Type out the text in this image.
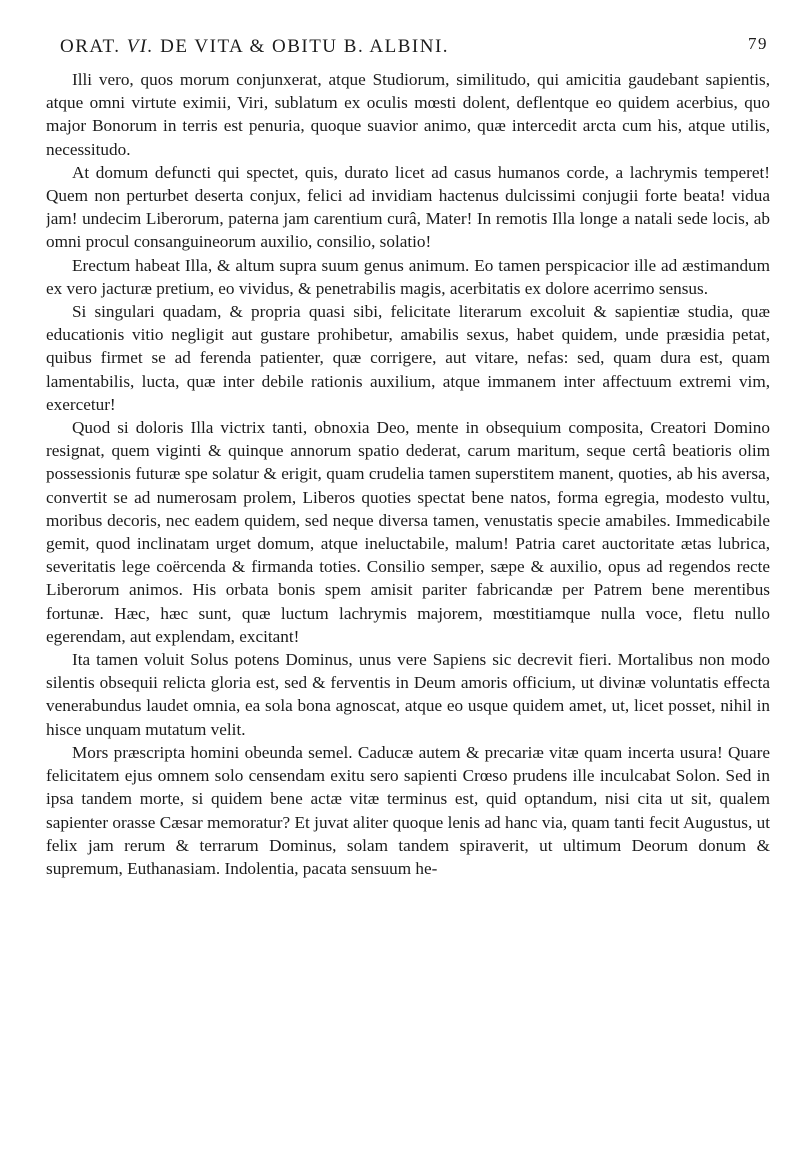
ORAT. VI. DE VITA & OBITU B. ALBINI.	79

Illi vero, quos morum conjunxerat, atque Studiorum, similitudo, qui amicitia gaudebant sapientis, atque omni virtute eximii, Viri, sublatum ex oculis mœsti dolent, deflentque eo quidem acerbius, quo major Bonorum in terris est penuria, quoque suavior animo, quæ intercedit arcta cum his, atque utilis, necessitudo.

At domum defuncti qui spectet, quis, durato licet ad casus humanos corde, a lachrymis temperet! Quem non perturbet deserta conjux, felici ad invidiam hactenus dulcissimi conjugii forte beata! vidua jam! undecim Liberorum, paterna jam carentium curâ, Mater! In remotis Illa longe a natali sede locis, ab omni procul consanguineorum auxilio, consilio, solatio!

Erectum habeat Illa, & altum supra suum genus animum. Eo tamen perspicacior ille ad æstimandum ex vero jacturæ pretium, eo vividus, & penetrabilis magis, acerbitatis ex dolore acerrimo sensus.

Si singulari quadam, & propria quasi sibi, felicitate literarum excoluit & sapientiæ studia, quæ educationis vitio negligit aut gustare prohibetur, amabilis sexus, habet quidem, unde præsidia petat, quibus firmet se ad ferenda patienter, quæ corrigere, aut vitare, nefas: sed, quam dura est, quam lamentabilis, lucta, quæ inter debile rationis auxilium, atque immanem inter affectuum extremi vim, exercetur!

Quod si doloris Illa victrix tanti, obnoxia Deo, mente in obsequium composita, Creatori Domino resignat, quem viginti & quinque annorum spatio dederat, carum maritum, seque certâ beatioris olim possessionis futuræ spe solatur & erigit, quam crudelia tamen superstitem manent, quoties, ab his aversa, convertit se ad numerosam prolem, Liberos quoties spectat bene natos, forma egregia, modesto vultu, moribus decoris, nec eadem quidem, sed neque diversa tamen, venustatis specie amabiles. Immedicabile gemit, quod inclinatam urget domum, atque ineluctabile, malum! Patria caret auctoritate ætas lubrica, severitatis lege coërcenda & firmanda toties. Consilio semper, sæpe & auxilio, opus ad regendos recte Liberorum animos. His orbata bonis spem amisit pariter fabricandæ per Patrem bene merentibus fortunæ. Hæc, hæc sunt, quæ luctum lachrymis majorem, mœstitiamque nulla voce, fletu nullo egerendam, aut explendam, excitant!

Ita tamen voluit Solus potens Dominus, unus vere Sapiens sic decrevit fieri. Mortalibus non modo silentis obsequii relicta gloria est, sed & ferventis in Deum amoris officium, ut divinæ voluntatis effecta venerabundus laudet omnia, ea sola bona agnoscat, atque eo usque quidem amet, ut, licet posset, nihil in hisce unquam mutatum velit.

Mors præscripta homini obeunda semel. Caducæ autem & precariæ vitæ quam incerta usura! Quare felicitatem ejus omnem solo censendam exitu sero sapienti Crœso prudens ille inculcabat Solon. Sed in ipsa tandem morte, si quidem bene actæ vitæ terminus est, quid optandum, nisi cita ut sit, qualem sapienter orasse Cæsar memoratur? Et juvat aliter quoque lenis ad hanc via, quam tanti fecit Augustus, ut felix jam rerum & terrarum Dominus, solam tandem spiraverit, ut ultimum Deorum donum & supremum, Euthanasiam. Indolentia, pacata sensuum he-
